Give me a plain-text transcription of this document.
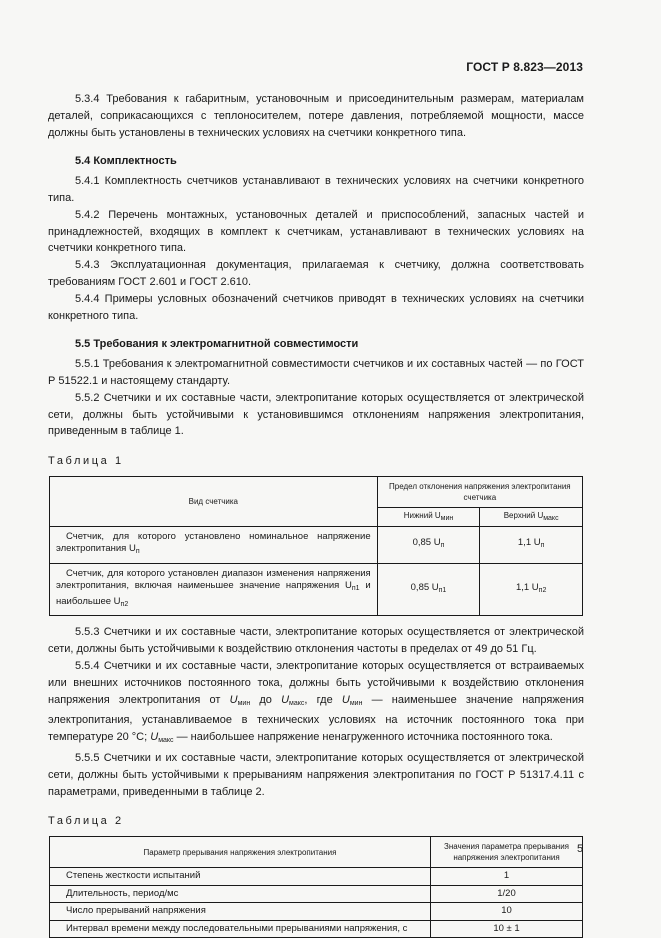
ГОСТ Р 8.823—2013

5.3.4 Требования к габаритным, установочным и присоединительным размерам, материалам деталей, соприкасающихся с теплоносителем, потере давления, потребляемой мощности, массе должны быть установлены в технических условиях на счетчики конкретного типа.

5.4 Комплектность

5.4.1 Комплектность счетчиков устанавливают в технических условиях на счетчики конкретного типа.

5.4.2 Перечень монтажных, установочных деталей и приспособлений, запасных частей и принадлежностей, входящих в комплект к счетчикам, устанавливают в технических условиях на счетчики конкретного типа.

5.4.3 Эксплуатационная документация, прилагаемая к счетчику, должна соответствовать требованиям ГОСТ 2.601 и ГОСТ 2.610.

5.4.4 Примеры условных обозначений счетчиков приводят в технических условиях на счетчики конкретного типа.

5.5 Требования к электромагнитной совместимости

5.5.1 Требования к электромагнитной совместимости счетчиков и их составных частей — по ГОСТ Р 51522.1 и настоящему стандарту.

5.5.2 Счетчики и их составные части, электропитание которых осуществляется от электрической сети, должны быть устойчивыми к установившимся отклонениям напряжения электропитания, приведенным в таблице 1.

Таблица 1

Вид счетчика	Предел отклонения напряжения электропитания счетчика	
	Нижний $U_{мин}$	Верхний $U_{макс}$
Счетчик, для которого установлено номинальное напряжение электропитания $U_п$	0,85 $U_п$	1,1 $U_п$
Счетчик, для которого установлен диапазон изменения напряжения электропитания, включая наименьшее значение напряжения $U_{п1}$ и наибольшее $U_{п2}$	0,85 $U_{п1}$	1,1 $U_{п2}$

5.5.3 Счетчики и их составные части, электропитание которых осуществляется от электрической сети, должны быть устойчивыми к воздействию отклонения частоты в пределах от 49 до 51 Гц.

5.5.4 Счетчики и их составные части, электропитание которых осуществляется от встраиваемых или внешних источников постоянного тока, должны быть устойчивыми к воздействию отклонения напряжения электропитания от $U_{мин}$ до $U_{макс}$, где $U_{мин}$ — наименьшее значение напряжения электропитания, устанавливаемое в технических условиях на источник постоянного тока при температуре 20 °С; $U_{макс}$ — наибольшее напряжение ненагруженного источника постоянного тока.

5.5.5 Счетчики и их составные части, электропитание которых осуществляется от электрической сети, должны быть устойчивыми к прерываниям напряжения электропитания по ГОСТ Р 51317.4.11 с параметрами, приведенными в таблице 2.

Таблица 2

Параметр прерывания напряжения электропитания	Значения параметра прерывания напряжения электропитания
Степень жесткости испытаний	1
Длительность, период/мс	1/20
Число прерываний напряжения	10
Интервал времени между последовательными прерываниями напряжения, с	10 ± 1
5
